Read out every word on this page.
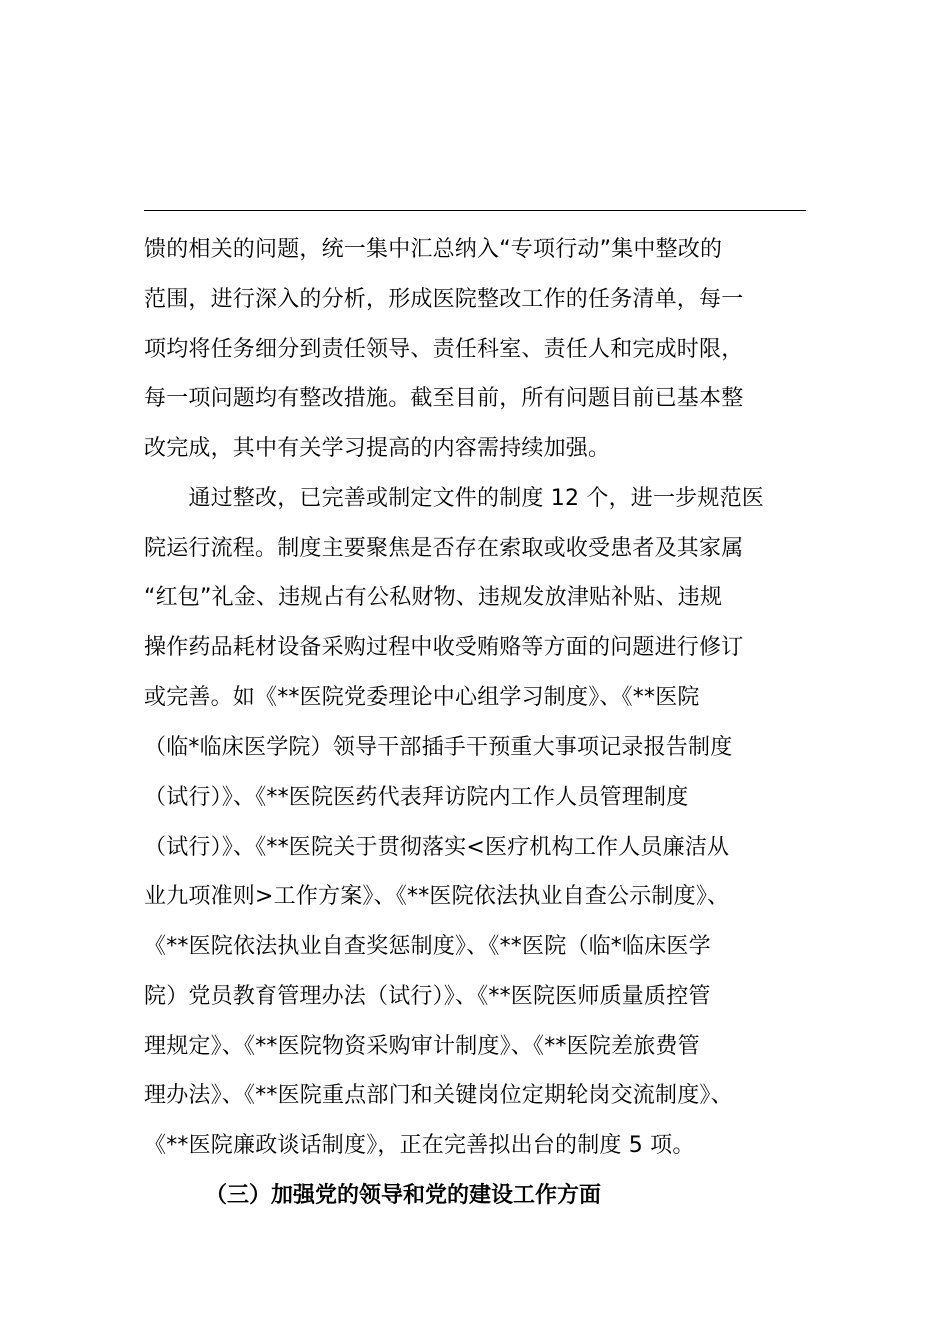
馈的相关的问题，统一集中汇总纳入“专项行动”集中整改的
范围，进行深入的分析，形成医院整改工作的任务清单，每一
项均将任务细分到责任领导、责任科室、责任人和完成时限，
每一项问题均有整改措施。截至目前，所有问题目前已基本整
改完成，其中有关学习提高的内容需持续加强。
　　通过整改，已完善或制定文件的制度 12 个，进一步规范医
院运行流程。制度主要聚焦是否存在索取或收受患者及其家属
“红包”礼金、违规占有公私财物、违规发放津贴补贴、违规
操作药品耗材设备采购过程中收受贿赂等方面的问题进行修订
或完善。如《**医院党委理论中心组学习制度》、《**医院
（临*临床医学院）领导干部插手干预重大事项记录报告制度
（试行）》、《**医院医药代表拜访院内工作人员管理制度
（试行）》、《**医院关于贯彻落实<医疗机构工作人员廉洁从
业九项准则>工作方案》、《**医院依法执业自查公示制度》、
《**医院依法执业自查奖惩制度》、《**医院（临*临床医学
院）党员教育管理办法（试行）》、《**医院医师质量质控管
理规定》、《**医院物资采购审计制度》、《**医院差旅费管
理办法》、《**医院重点部门和关键岗位定期轮岗交流制度》、
《**医院廉政谈话制度》，正在完善拟出台的制度 5 项。
（三）加强党的领导和党的建设工作方面
